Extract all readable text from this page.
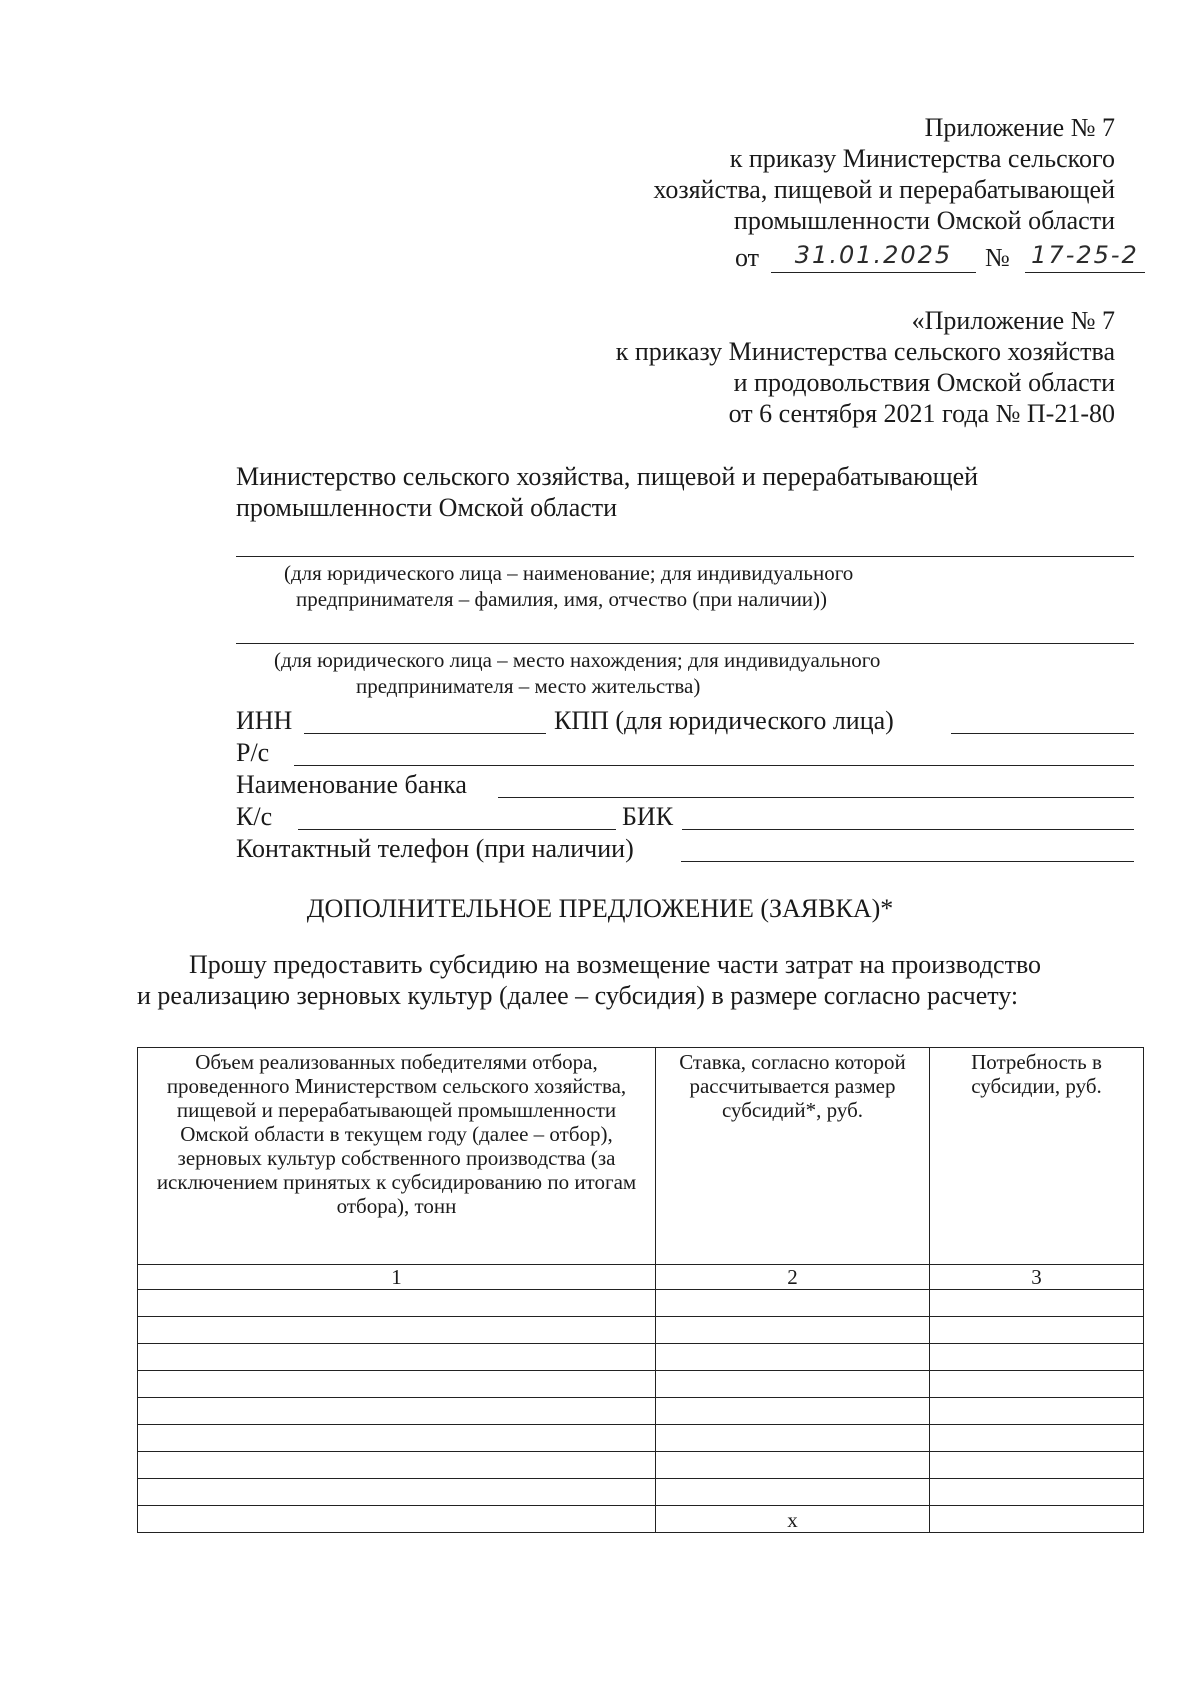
Приложение № 7
к приказу Министерства сельского
хозяйства, пищевой и перерабатывающей
промышленности Омской области
от	31.01.2025	№ 17-25-2
«Приложение № 7
к приказу Министерства сельского хозяйства
и продовольствия Омской области
от 6 сентября 2021 года № П-21-80
Министерство сельского хозяйства, пищевой и перерабатывающей
промышленности Омской области
(для юридического лица – наименование; для индивидуального
предпринимателя – фамилия, имя, отчество (при наличии))
(для юридического лица – место нахождения; для индивидуального
предпринимателя – место жительства)
ИНН	КПП (для юридического лица)
Р/с
Наименование банка
К/с	БИК
Контактный телефон (при наличии)
ДОПОЛНИТЕЛЬНОЕ ПРЕДЛОЖЕНИЕ (ЗАЯВКА)*
Прошу предоставить субсидию на возмещение части затрат на производство
и реализацию зерновых культур (далее – субсидия) в размере согласно расчету:
Объем реализованных победителями отбора, проведенного Министерством сельского хозяйства, пищевой и перерабатывающей промышленности Омской области в текущем году (далее – отбор), зерновых культур собственного производства (за исключением принятых к субсидированию по итогам отбора), тонн	Ставка, согласно которой рассчитывается размер субсидий*, руб.	Потребность в субсидии, руб.
1	2	3

	x	
